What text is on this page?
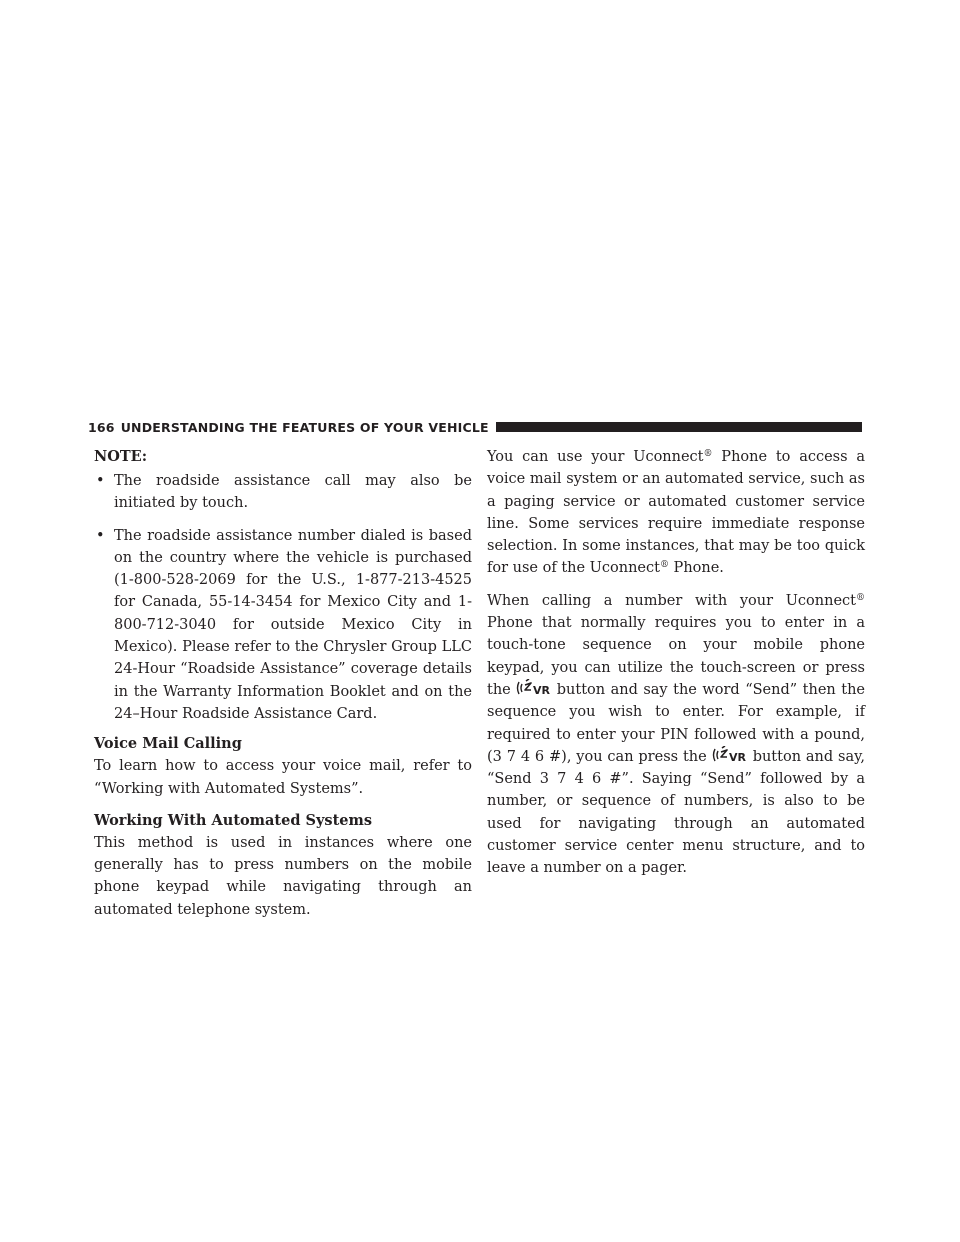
166 UNDERSTANDING THE FEATURES OF YOUR VEHICLE
NOTE:

• The roadside assistance call may also be initiated by touch.

• The roadside assistance number dialed is based on the country where the vehicle is purchased (1-800-528-2069 for the U.S., 1-877-213-4525 for Canada, 55-14-3454 for Mexico City and 1-800-712-3040 for outside Mexico City in Mexico). Please refer to the Chrysler Group LLC 24-Hour “Roadside Assistance” coverage details in the Warranty Information Booklet and on the 24–Hour Roadside Assistance Card.

Voice Mail Calling

To learn how to access your voice mail, refer to “Working with Automated Systems”.

Working With Automated Systems

This method is used in instances where one generally has to press numbers on the mobile phone keypad while navigating through an automated telephone system.

You can use your Uconnect® Phone to access a voice mail system or an automated service, such as a paging service or automated customer service line. Some services require immediate response selection. In some instances, that may be too quick for use of the Uconnect® Phone.

When calling a number with your Uconnect® Phone that normally requires you to enter in a touch-tone sequence on your mobile phone keypad, you can utilize the touch-screen or press the VR button and say the word “Send” then the sequence you wish to enter. For example, if required to enter your PIN followed with a pound, (3 7 4 6 #), you can press the VR button and say, “Send 3 7 4 6 #”. Saying “Send” followed by a number, or sequence of numbers, is also to be used for navigating through an automated customer service center menu structure, and to leave a number on a pager.
